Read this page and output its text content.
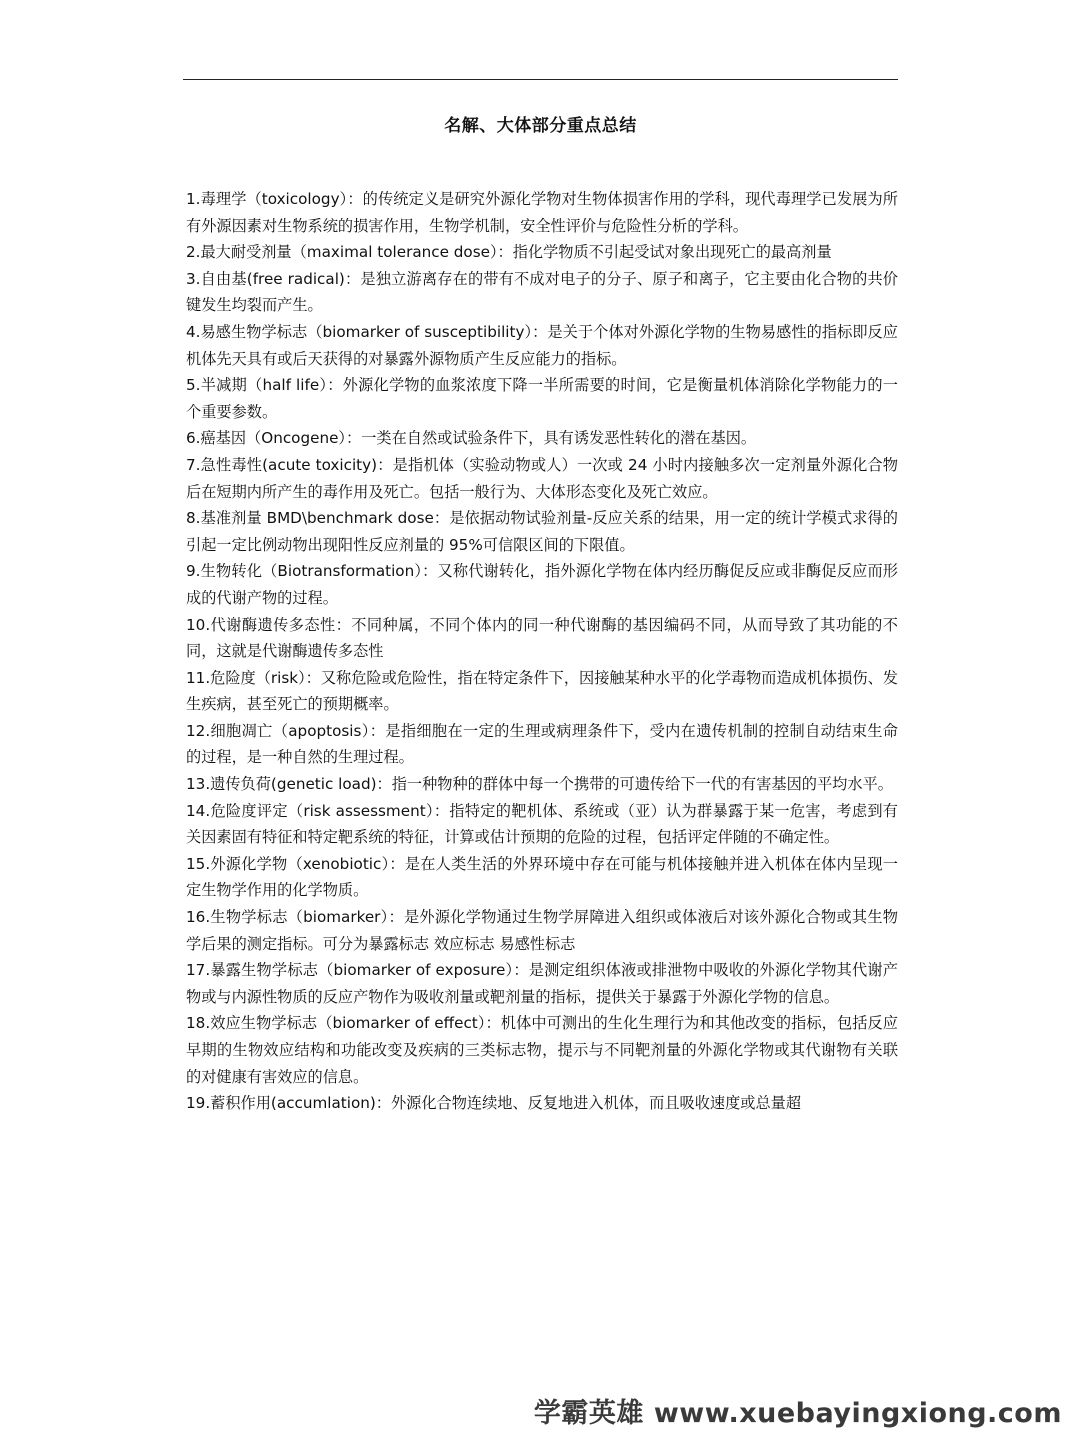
名解、大体部分重点总结
1.毒理学（toxicology）：的传统定义是研究外源化学物对生物体损害作用的学科，现代毒理学已发展为所有外源因素对生物系统的损害作用，生物学机制，安全性评价与危险性分析的学科。
2.最大耐受剂量（maximal tolerance dose）：指化学物质不引起受试对象出现死亡的最高剂量
3.自由基(free radical)：是独立游离存在的带有不成对电子的分子、原子和离子，它主要由化合物的共价键发生均裂而产生。
4.易感生物学标志（biomarker of susceptibility）：是关于个体对外源化学物的生物易感性的指标即反应机体先天具有或后天获得的对暴露外源物质产生反应能力的指标。
5.半减期（half life）：外源化学物的血浆浓度下降一半所需要的时间，它是衡量机体消除化学物能力的一个重要参数。
6.癌基因（Oncogene）：一类在自然或试验条件下，具有诱发恶性转化的潜在基因。
7.急性毒性(acute toxicity)：是指机体（实验动物或人）一次或 24 小时内接触多次一定剂量外源化合物后在短期内所产生的毒作用及死亡。包括一般行为、大体形态变化及死亡效应。
8.基准剂量 BMD\benchmark dose：是依据动物试验剂量-反应关系的结果，用一定的统计学模式求得的引起一定比例动物出现阳性反应剂量的 95%可信限区间的下限值。
9.生物转化（Biotransformation）：又称代谢转化，指外源化学物在体内经历酶促反应或非酶促反应而形成的代谢产物的过程。
10.代谢酶遗传多态性：不同种属，不同个体内的同一种代谢酶的基因编码不同，从而导致了其功能的不同，这就是代谢酶遗传多态性
11.危险度（risk）：又称危险或危险性，指在特定条件下，因接触某种水平的化学毒物而造成机体损伤、发生疾病，甚至死亡的预期概率。
12.细胞凋亡（apoptosis）：是指细胞在一定的生理或病理条件下，受内在遗传机制的控制自动结束生命的过程，是一种自然的生理过程。
13.遗传负荷(genetic load)：指一种物种的群体中每一个携带的可遗传给下一代的有害基因的平均水平。
14.危险度评定（risk assessment）：指特定的靶机体、系统或（亚）认为群暴露于某一危害，考虑到有关因素固有特征和特定靶系统的特征，计算或估计预期的危险的过程，包括评定伴随的不确定性。
15.外源化学物（xenobiotic）：是在人类生活的外界环境中存在可能与机体接触并进入机体在体内呈现一定生物学作用的化学物质。
16.生物学标志（biomarker）：是外源化学物通过生物学屏障进入组织或体液后对该外源化合物或其生物学后果的测定指标。可分为暴露标志 效应标志 易感性标志
17.暴露生物学标志（biomarker of exposure）：是测定组织体液或排泄物中吸收的外源化学物其代谢产物或与内源性物质的反应产物作为吸收剂量或靶剂量的指标，提供关于暴露于外源化学物的信息。
18.效应生物学标志（biomarker of effect）：机体中可测出的生化生理行为和其他改变的指标，包括反应早期的生物效应结构和功能改变及疾病的三类标志物，提示与不同靶剂量的外源化学物或其代谢物有关联的对健康有害效应的信息。
19.蓄积作用(accumlation)：外源化合物连续地、反复地进入机体，而且吸收速度或总量超
学霸英雄 www.xuebayingxiong.com
